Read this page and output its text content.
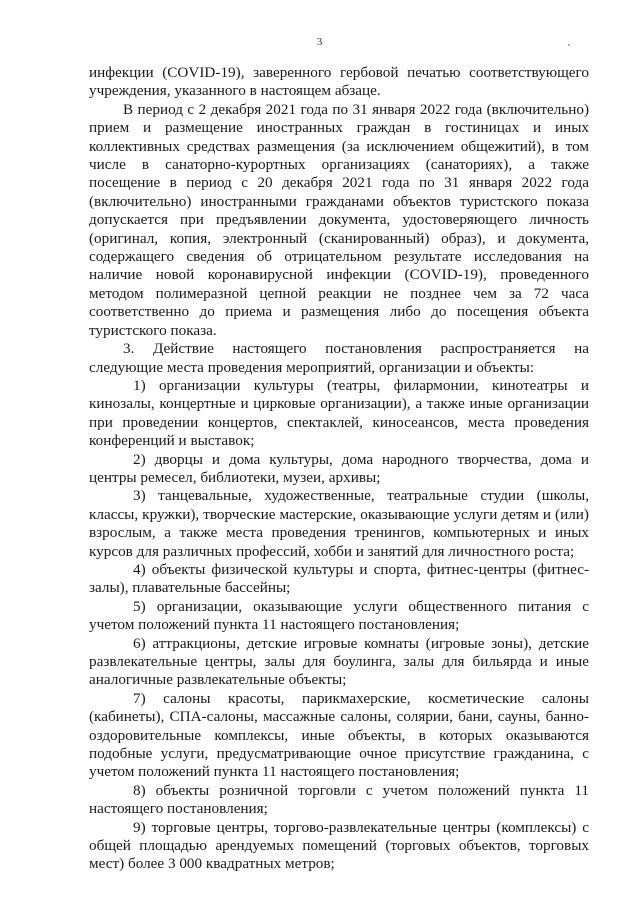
3

инфекции (COVID-19), заверенного гербовой печатью соответствующего учреждения, указанного в настоящем абзаце.

В период с 2 декабря 2021 года по 31 января 2022 года (включительно) прием и размещение иностранных граждан в гостиницах и иных коллективных средствах размещения (за исключением общежитий), в том числе в санаторно-курортных организациях (санаториях), а также посещение в период с 20 декабря 2021 года по 31 января 2022 года (включительно) иностранными гражданами объектов туристского показа допускается при предъявлении документа, удостоверяющего личность (оригинал, копия, электронный (сканированный) образ), и документа, содержащего сведения об отрицательном результате исследования на наличие новой коронавирусной инфекции (COVID-19), проведенного методом полимеразной цепной реакции не позднее чем за 72 часа соответственно до приема и размещения либо до посещения объекта туристского показа.

3. Действие настоящего постановления распространяется на следующие места проведения мероприятий, организации и объекты:

1) организации культуры (театры, филармонии, кинотеатры и кинозалы, концертные и цирковые организации), а также иные организации при проведении концертов, спектаклей, киносеансов, места проведения конференций и выставок;

2) дворцы и дома культуры, дома народного творчества, дома и центры ремесел, библиотеки, музеи, архивы;

3) танцевальные, художественные, театральные студии (школы, классы, кружки), творческие мастерские, оказывающие услуги детям и (или) взрослым, а также места проведения тренингов, компьютерных и иных курсов для различных профессий, хобби и занятий для личностного роста;

4) объекты физической культуры и спорта, фитнес-центры (фитнес-залы), плавательные бассейны;

5) организации, оказывающие услуги общественного питания с учетом положений пункта 11 настоящего постановления;

6) аттракционы, детские игровые комнаты (игровые зоны), детские развлекательные центры, залы для боулинга, залы для бильярда и иные аналогичные развлекательные объекты;

7) салоны красоты, парикмахерские, косметические салоны (кабинеты), СПА-салоны, массажные салоны, солярии, бани, сауны, банно-оздоровительные комплексы, иные объекты, в которых оказываются подобные услуги, предусматривающие очное присутствие гражданина, с учетом положений пункта 11 настоящего постановления;

8) объекты розничной торговли с учетом положений пункта 11 настоящего постановления;

9) торговые центры, торгово-развлекательные центры (комплексы) с общей площадью арендуемых помещений (торговых объектов, торговых мест) более 3 000 квадратных метров;
